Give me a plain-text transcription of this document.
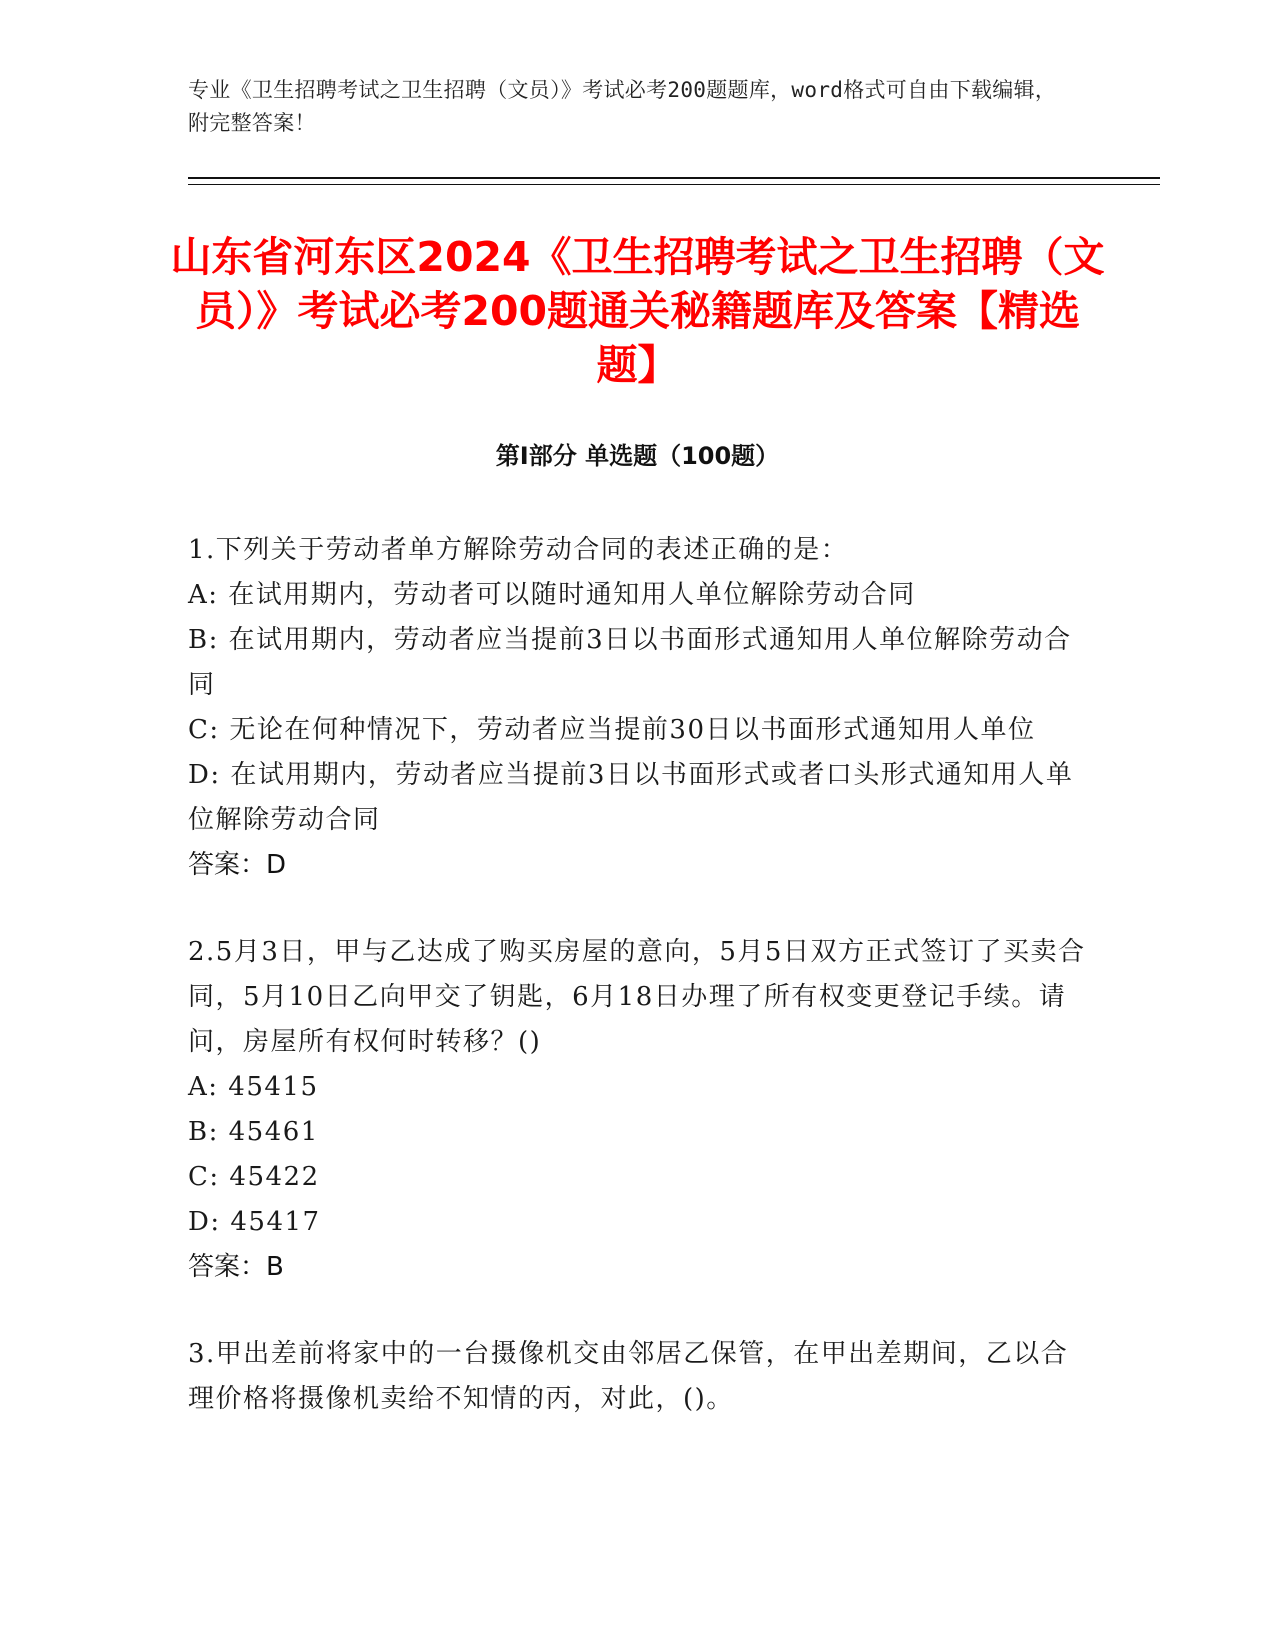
专业《卫生招聘考试之卫生招聘（文员）》考试必考200题题库，word格式可自由下载编辑，附完整答案！
山东省河东区2024《卫生招聘考试之卫生招聘（文员）》考试必考200题通关秘籍题库及答案【精选题】
第Ⅰ部分 单选题（100题）
1.下列关于劳动者单方解除劳动合同的表述正确的是：
A: 在试用期内，劳动者可以随时通知用人单位解除劳动合同
B: 在试用期内，劳动者应当提前3日以书面形式通知用人单位解除劳动合同
C: 无论在何种情况下，劳动者应当提前30日以书面形式通知用人单位
D: 在试用期内，劳动者应当提前3日以书面形式或者口头形式通知用人单位解除劳动合同
答案：D
2.5月3日，甲与乙达成了购买房屋的意向，5月5日双方正式签订了买卖合同，5月10日乙向甲交了钥匙，6月18日办理了所有权变更登记手续。请问，房屋所有权何时转移？()
A: 45415
B: 45461
C: 45422
D: 45417
答案：B
3.甲出差前将家中的一台摄像机交由邻居乙保管，在甲出差期间，乙以合理价格将摄像机卖给不知情的丙，对此，()。
